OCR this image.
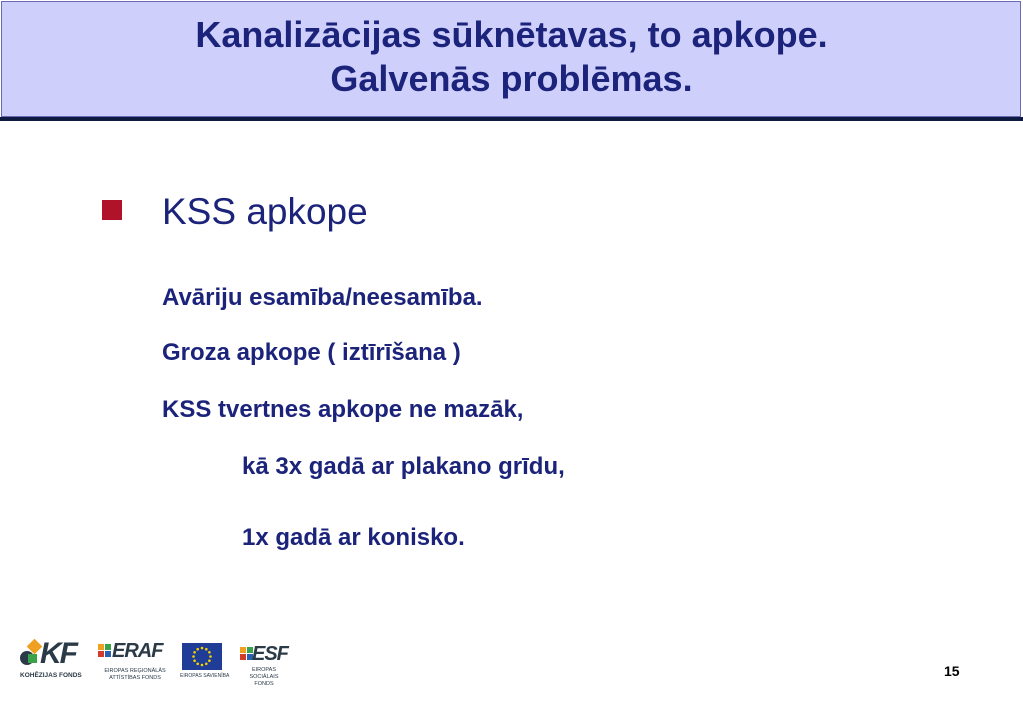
Kanalizācijas sūknētavas, to apkope.
Galvenās problēmas.
KSS apkope
Avāriju esamība/neesamība.
Groza apkope ( iztīrīšana )
KSS tvertnes apkope ne mazāk,
kā 3x gadā ar plakano grīdu,
1x gadā ar konisko.
KF
KOHĒZIJAS FONDS
ERAF
EIROPAS REĢIONĀLĀS
ATTĪSTĪBAS FONDS	EIROPAS SAVIENĪBA
ESF
EIROPAS SOCIĀLAIS
FONDS
15
